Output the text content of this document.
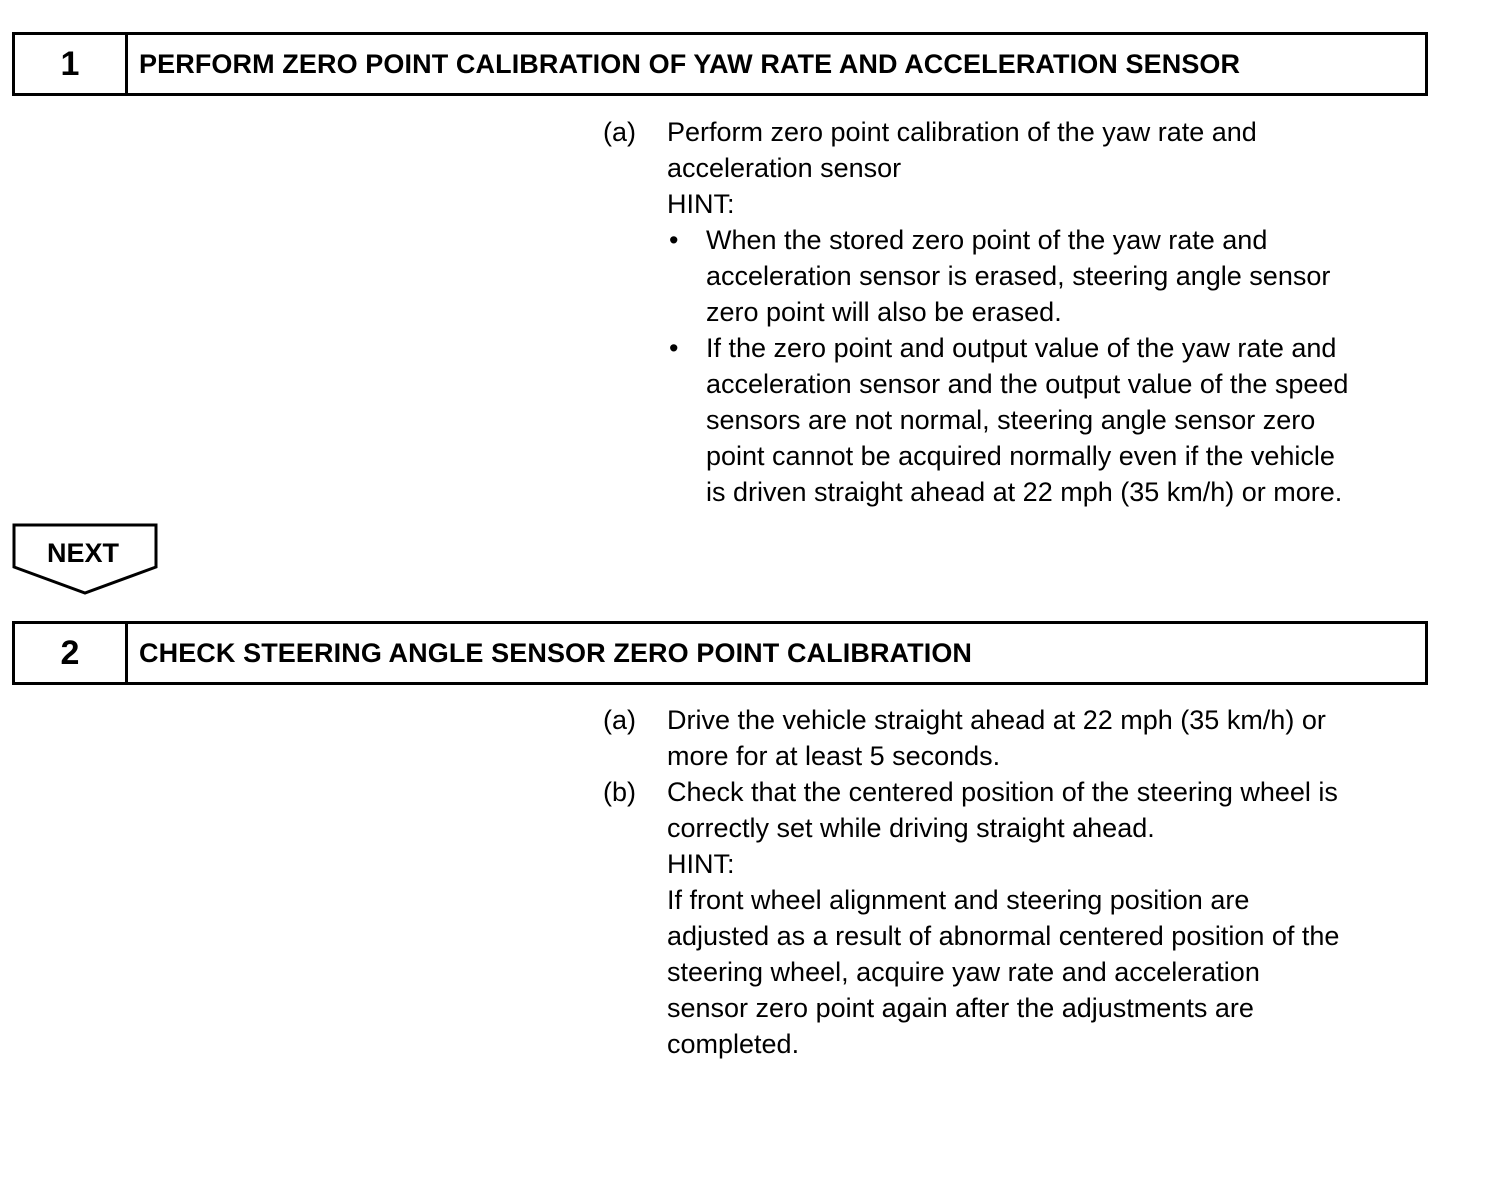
1	PERFORM ZERO POINT CALIBRATION OF YAW RATE AND ACCELERATION SENSOR
(a)	Perform zero point calibration of the yaw rate and
acceleration sensor
HINT:
•	When the stored zero point of the yaw rate and
acceleration sensor is erased, steering angle sensor
zero point will also be erased.
•	If the zero point and output value of the yaw rate and
acceleration sensor and the output value of the speed
sensors are not normal, steering angle sensor zero
point cannot be acquired normally even if the vehicle
is driven straight ahead at 22 mph (35 km/h) or more.
NEXT
2	CHECK STEERING ANGLE SENSOR ZERO POINT CALIBRATION
(a)	Drive the vehicle straight ahead at 22 mph (35 km/h) or
more for at least 5 seconds.
(b)	Check that the centered position of the steering wheel is
correctly set while driving straight ahead.
HINT:
If front wheel alignment and steering position are
adjusted as a result of abnormal centered position of the
steering wheel, acquire yaw rate and acceleration
sensor zero point again after the adjustments are
completed.
